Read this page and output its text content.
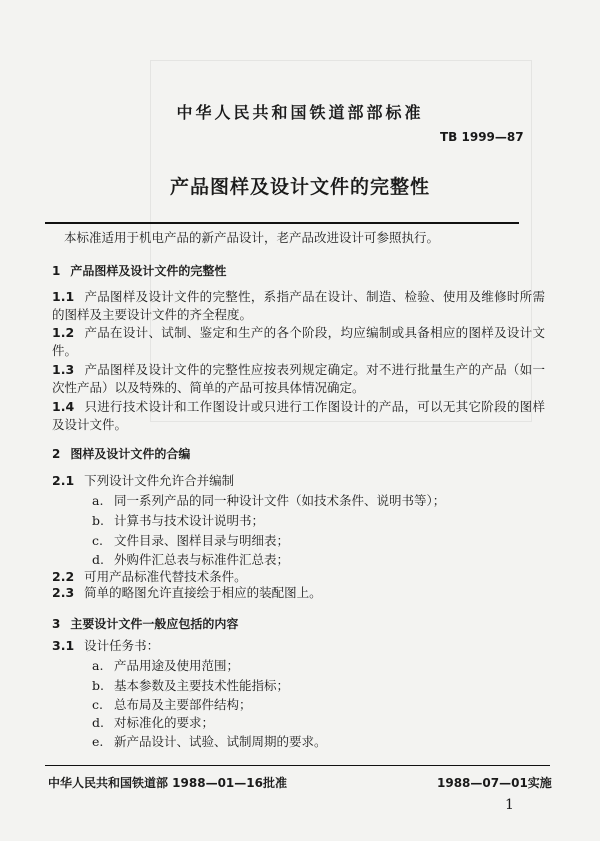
中华人民共和国铁道部部标准
TB 1999—87
产品图样及设计文件的完整性
本标准适用于机电产品的新产品设计，老产品改进设计可参照执行。
1 产品图样及设计文件的完整性
1.1 产品图样及设计文件的完整性，系指产品在设计、制造、检验、使用及维修时所需的图样及主要设计文件的齐全程度。
1.2 产品在设计、试制、鉴定和生产的各个阶段，均应编制或具备相应的图样及设计文件。
1.3 产品图样及设计文件的完整性应按表列规定确定。对不进行批量生产的产品（如一次性产品）以及特殊的、简单的产品可按具体情况确定。
1.4 只进行技术设计和工作图设计或只进行工作图设计的产品，可以无其它阶段的图样及设计文件。
2 图样及设计文件的合编
2.1 下列设计文件允许合并编制
a. 同一系列产品的同一种设计文件（如技术条件、说明书等）；
b. 计算书与技术设计说明书；
c. 文件目录、图样目录与明细表；
d. 外购件汇总表与标准件汇总表；
2.2 可用产品标准代替技术条件。
2.3 简单的略图允许直接绘于相应的装配图上。
3 主要设计文件一般应包括的内容
3.1 设计任务书：
a. 产品用途及使用范围；
b. 基本参数及主要技术性能指标；
c. 总布局及主要部件结构；
d. 对标准化的要求；
e. 新产品设计、试验、试制周期的要求。
中华人民共和国铁道部 1988—01—16批准	1988—07—01实施
1
